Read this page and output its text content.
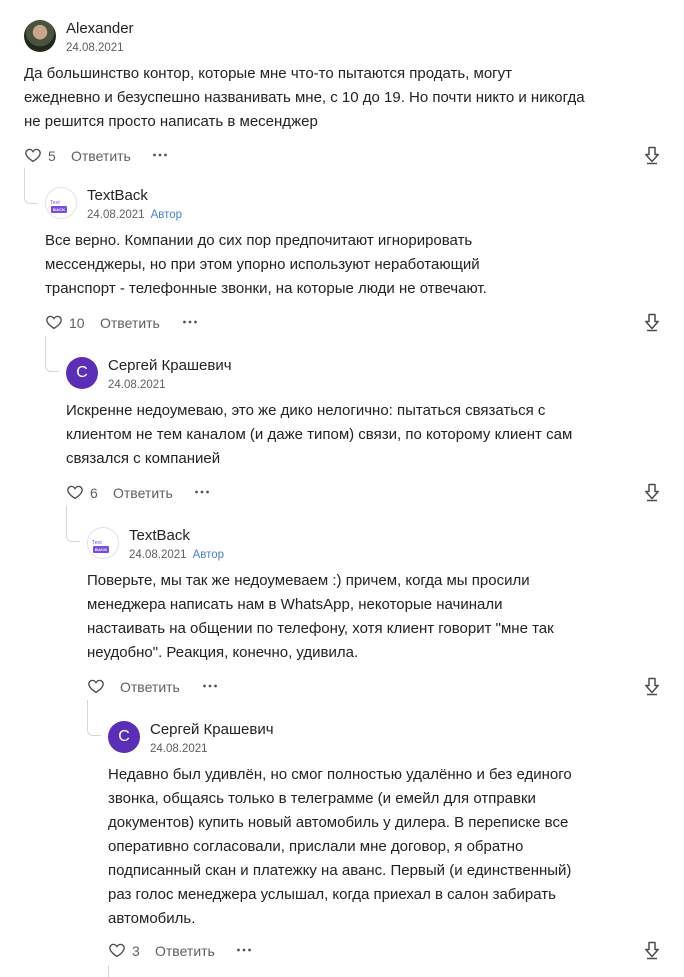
Alexander
24.08.2021
Да большинство контор, которые мне что-то пытаются продать, могут ежедневно и безуспешно названивать мне, с 10 до 19. Но почти никто и никогда не решится просто написать в месенджер
5 Ответить
TextBACK
TextBack
24.08.2021 Автор
Все верно. Компании до сих пор предпочитают игнорировать мессенджеры, но при этом упорно используют неработающий транспорт - телефонные звонки, на которые люди не отвечают.
10 Ответить
С	Сергей Крашевич
24.08.2021
Искренне недоумеваю, это же дико нелогично: пытаться связаться с клиентом не тем каналом (и даже типом) связи, по которому клиент сам связался с компанией
6 Ответить
TextBACK
TextBack
24.08.2021 Автор
Поверьте, мы так же недоумеваем :) причем, когда мы просили менеджера написать нам в WhatsApp, некоторые начинали настаивать на общении по телефону, хотя клиент говорит "мне так неудобно". Реакция, конечно, удивила.
Ответить
С	Сергей Крашевич
24.08.2021
Недавно был удивлён, но смог полностью удалённо и без единого звонка, общаясь только в телеграмме (и емейл для отправки документов) купить новый автомобиль у дилера. В переписке все оперативно согласовали, прислали мне договор, я обратно подписанный скан и платежку на аванс. Первый (и единственный) раз голос менеджера услышал, когда приехал в салон забирать автомобиль.
3 Ответить
